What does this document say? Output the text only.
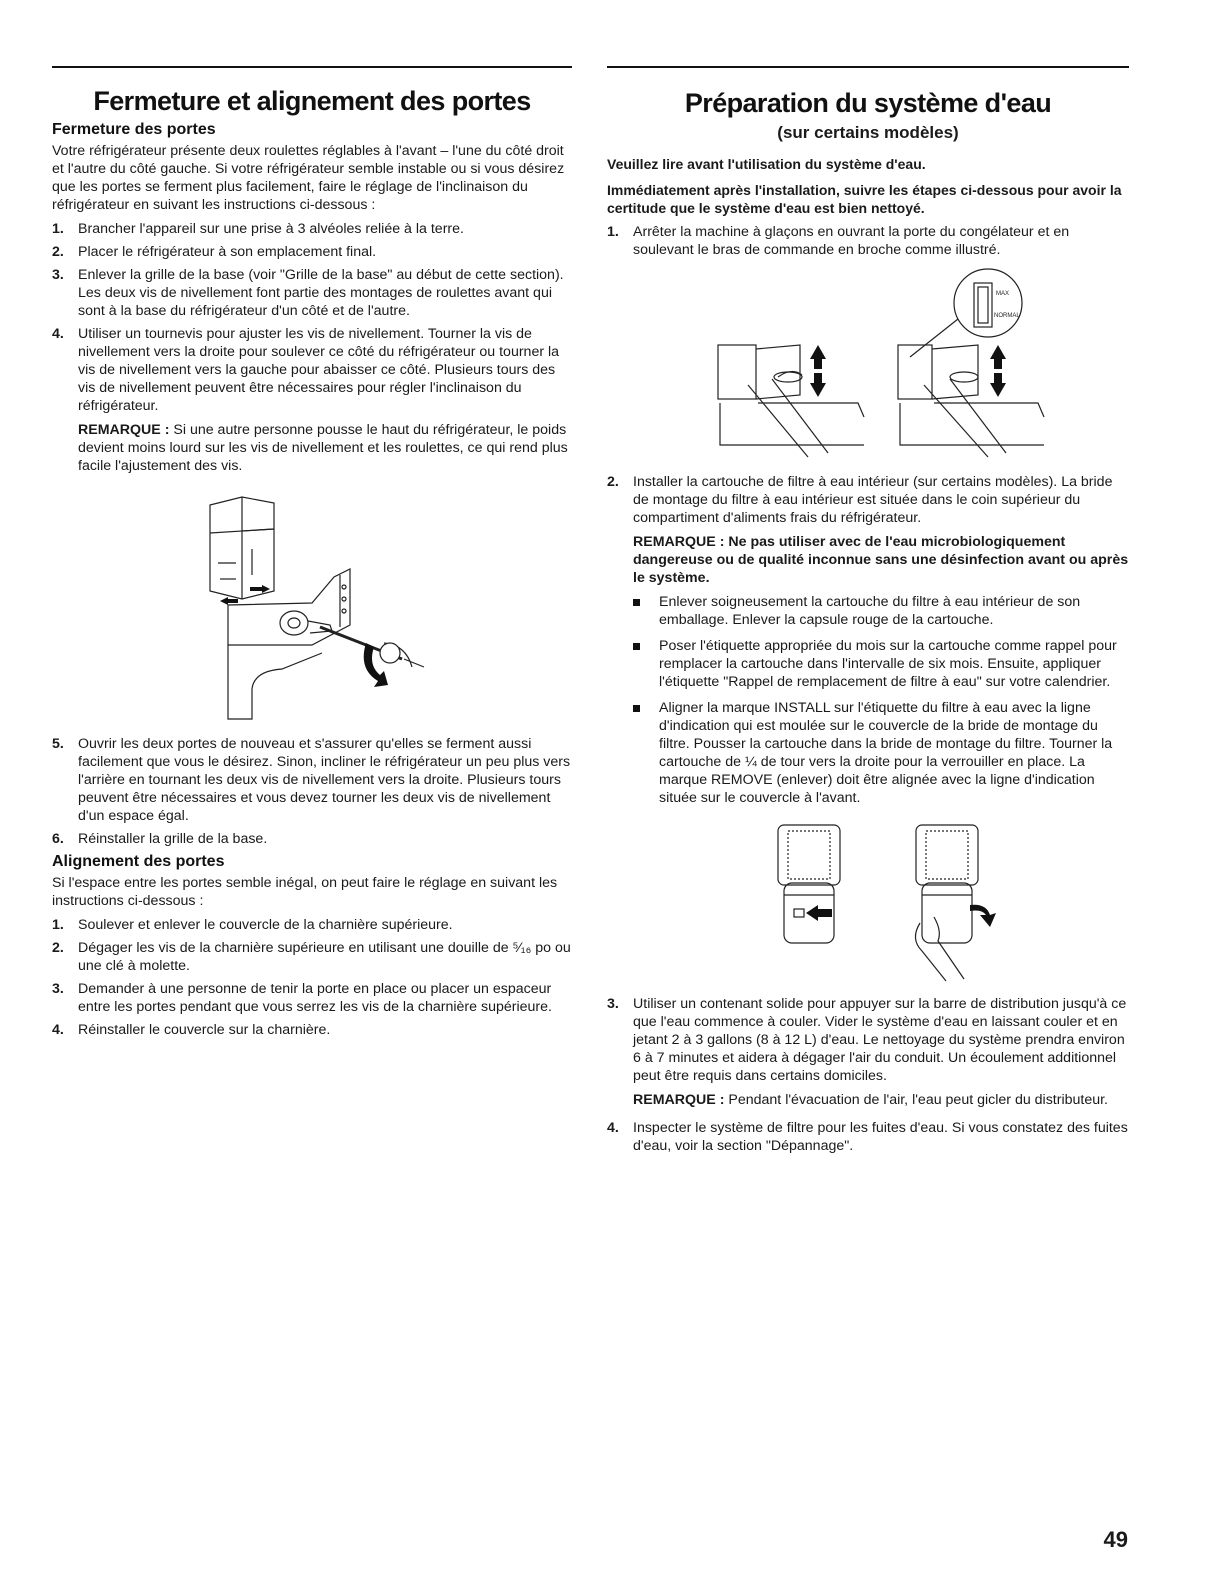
Fermeture et alignement des portes
Fermeture des portes

Votre réfrigérateur présente deux roulettes réglables à l'avant – l'une du côté droit et l'autre du côté gauche. Si votre réfrigérateur semble instable ou si vous désirez que les portes se ferment plus facilement, faire le réglage de l'inclinaison du réfrigérateur en suivant les instructions ci-dessous :

1. Brancher l'appareil sur une prise à 3 alvéoles reliée à la terre.
2. Placer le réfrigérateur à son emplacement final.
3. Enlever la grille de la base (voir "Grille de la base" au début de cette section). Les deux vis de nivellement font partie des montages de roulettes avant qui sont à la base du réfrigérateur d'un côté et de l'autre.
4. Utiliser un tournevis pour ajuster les vis de nivellement. Tourner la vis de nivellement vers la droite pour soulever ce côté du réfrigérateur ou tourner la vis de nivellement vers la gauche pour abaisser ce côté. Plusieurs tours des vis de nivellement peuvent être nécessaires pour régler l'inclinaison du réfrigérateur.

REMARQUE : Si une autre personne pousse le haut du réfrigérateur, le poids devient moins lourd sur les vis de nivellement et les roulettes, ce qui rend plus facile l'ajustement des vis.

5. Ouvrir les deux portes de nouveau et s'assurer qu'elles se ferment aussi facilement que vous le désirez. Sinon, incliner le réfrigérateur un peu plus vers l'arrière en tournant les deux vis de nivellement vers la droite. Plusieurs tours peuvent être nécessaires et vous devez tourner les deux vis de nivellement d'un espace égal.
6. Réinstaller la grille de la base.
Alignement des portes

Si l'espace entre les portes semble inégal, on peut faire le réglage en suivant les instructions ci-dessous :

1. Soulever et enlever le couvercle de la charnière supérieure.
2. Dégager les vis de la charnière supérieure en utilisant une douille de ⁵⁄₁₆ po ou une clé à molette.
3. Demander à une personne de tenir la porte en place ou placer un espaceur entre les portes pendant que vous serrez les vis de la charnière supérieure.
4. Réinstaller le couvercle sur la charnière.
Préparation du système d'eau
(sur certains modèles)

Veuillez lire avant l'utilisation du système d'eau.

Immédiatement après l'installation, suivre les étapes ci-dessous pour avoir la certitude que le système d'eau est bien nettoyé.

1. Arrêter la machine à glaçons en ouvrant la porte du congélateur et en soulevant le bras de commande en broche comme illustré.
MAX
NORMAL
2. Installer la cartouche de filtre à eau intérieur (sur certains modèles). La bride de montage du filtre à eau intérieur est située dans le coin supérieur du compartiment d'aliments frais du réfrigérateur.

REMARQUE : Ne pas utiliser avec de l'eau microbiologiquement dangereuse ou de qualité inconnue sans une désinfection avant ou après le système.

Enlever soigneusement la cartouche du filtre à eau intérieur de son emballage. Enlever la capsule rouge de la cartouche.
Poser l'étiquette appropriée du mois sur la cartouche comme rappel pour remplacer la cartouche dans l'intervalle de six mois. Ensuite, appliquer l'étiquette "Rappel de remplacement de filtre à eau" sur votre calendrier.
Aligner la marque INSTALL sur l'étiquette du filtre à eau avec la ligne d'indication qui est moulée sur le couvercle de la bride de montage du filtre. Pousser la cartouche dans la bride de montage du filtre. Tourner la cartouche de ¼ de tour vers la droite pour la verrouiller en place. La marque REMOVE (enlever) doit être alignée avec la ligne d'indication située sur le couvercle à l'avant.
3. Utiliser un contenant solide pour appuyer sur la barre de distribution jusqu'à ce que l'eau commence à couler. Vider le système d'eau en laissant couler et en jetant 2 à 3 gallons (8 à 12 L) d'eau. Le nettoyage du système prendra environ 6 à 7 minutes et aidera à dégager l'air du conduit. Un écoulement additionnel peut être requis dans certains domiciles.

REMARQUE : Pendant l'évacuation de l'air, l'eau peut gicler du distributeur.

4. Inspecter le système de filtre pour les fuites d'eau. Si vous constatez des fuites d'eau, voir la section "Dépannage".
49
